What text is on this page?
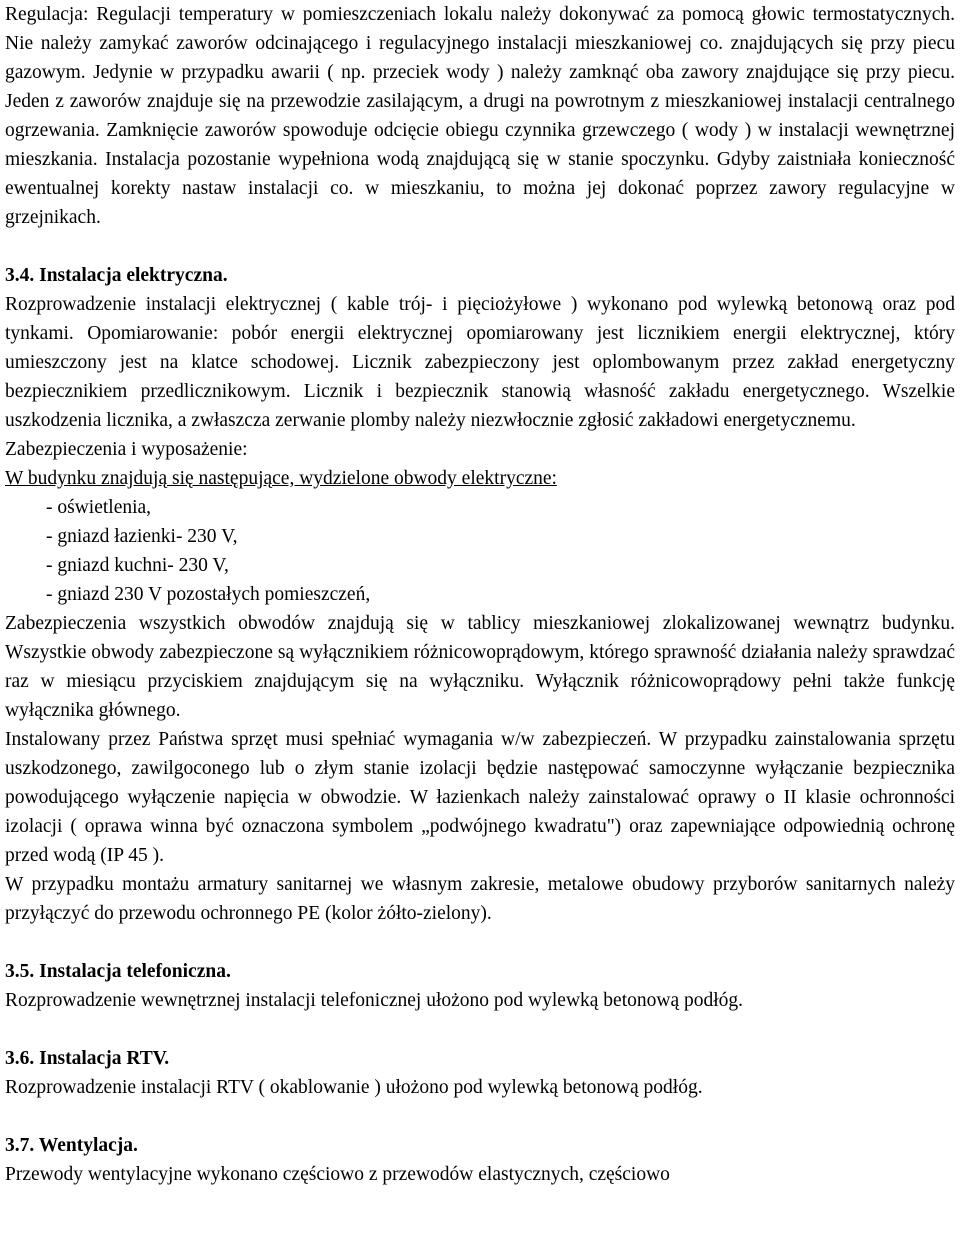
Regulacja: Regulacji temperatury w pomieszczeniach lokalu należy dokonywać za pomocą głowic termostatycznych. Nie należy zamykać zaworów odcinającego i regulacyjnego instalacji mieszkaniowej co. znajdujących się przy piecu gazowym. Jedynie w przypadku awarii ( np. przeciek wody ) należy zamknąć oba zawory znajdujące się przy piecu. Jeden z zaworów znajduje się na przewodzie zasilającym, a drugi na powrotnym z mieszkaniowej instalacji centralnego ogrzewania. Zamknięcie zaworów spowoduje odcięcie obiegu czynnika grzewczego ( wody ) w instalacji wewnętrznej mieszkania. Instalacja pozostanie wypełniona wodą znajdującą się w stanie spoczynku. Gdyby zaistniała konieczność ewentualnej korekty nastaw instalacji co. w mieszkaniu, to można jej dokonać poprzez zawory regulacyjne w grzejnikach.

3.4. Instalacja elektryczna.

Rozprowadzenie instalacji elektrycznej ( kable trój- i pięciożyłowe ) wykonano pod wylewką betonową oraz pod tynkami. Opomiarowanie: pobór energii elektrycznej opomiarowany jest licznikiem energii elektrycznej, który umieszczony jest na klatce schodowej. Licznik zabezpieczony jest oplombowanym przez zakład energetyczny bezpiecznikiem przedlicznikowym. Licznik i bezpiecznik stanowią własność zakładu energetycznego. Wszelkie uszkodzenia licznika, a zwłaszcza zerwanie plomby należy niezwłocznie zgłosić zakładowi energetycznemu.

Zabezpieczenia i wyposażenie:

W budynku znajdują się następujące, wydzielone obwody elektryczne:

- oświetlenia,
- gniazd łazienki- 230 V,
- gniazd kuchni- 230 V,
- gniazd 230 V pozostałych pomieszczeń,

Zabezpieczenia wszystkich obwodów znajdują się w tablicy mieszkaniowej zlokalizowanej wewnątrz budynku. Wszystkie obwody zabezpieczone są wyłącznikiem różnicowoprądowym, którego sprawność działania należy sprawdzać raz w miesiącu przyciskiem znajdującym się na wyłączniku. Wyłącznik różnicowoprądowy pełni także funkcję wyłącznika głównego.

Instalowany przez Państwa sprzęt musi spełniać wymagania w/w zabezpieczeń. W przypadku zainstalowania sprzętu uszkodzonego, zawilgoconego lub o złym stanie izolacji będzie następować samoczynne wyłączanie bezpiecznika powodującego wyłączenie napięcia w obwodzie. W łazienkach należy zainstalować oprawy o II klasie ochronności izolacji ( oprawa winna być oznaczona symbolem „podwójnego kwadratu") oraz zapewniające odpowiednią ochronę przed wodą (IP 45 ).

W przypadku montażu armatury sanitarnej we własnym zakresie, metalowe obudowy przyborów sanitarnych należy przyłączyć do przewodu ochronnego PE (kolor żółto-zielony).

3.5. Instalacja telefoniczna.

Rozprowadzenie wewnętrznej instalacji telefonicznej ułożono pod wylewką betonową podłóg.

3.6. Instalacja RTV.

Rozprowadzenie instalacji RTV ( okablowanie ) ułożono pod wylewką betonową podłóg.

3.7. Wentylacja.

Przewody wentylacyjne wykonano częściowo z przewodów elastycznych, częściowo
